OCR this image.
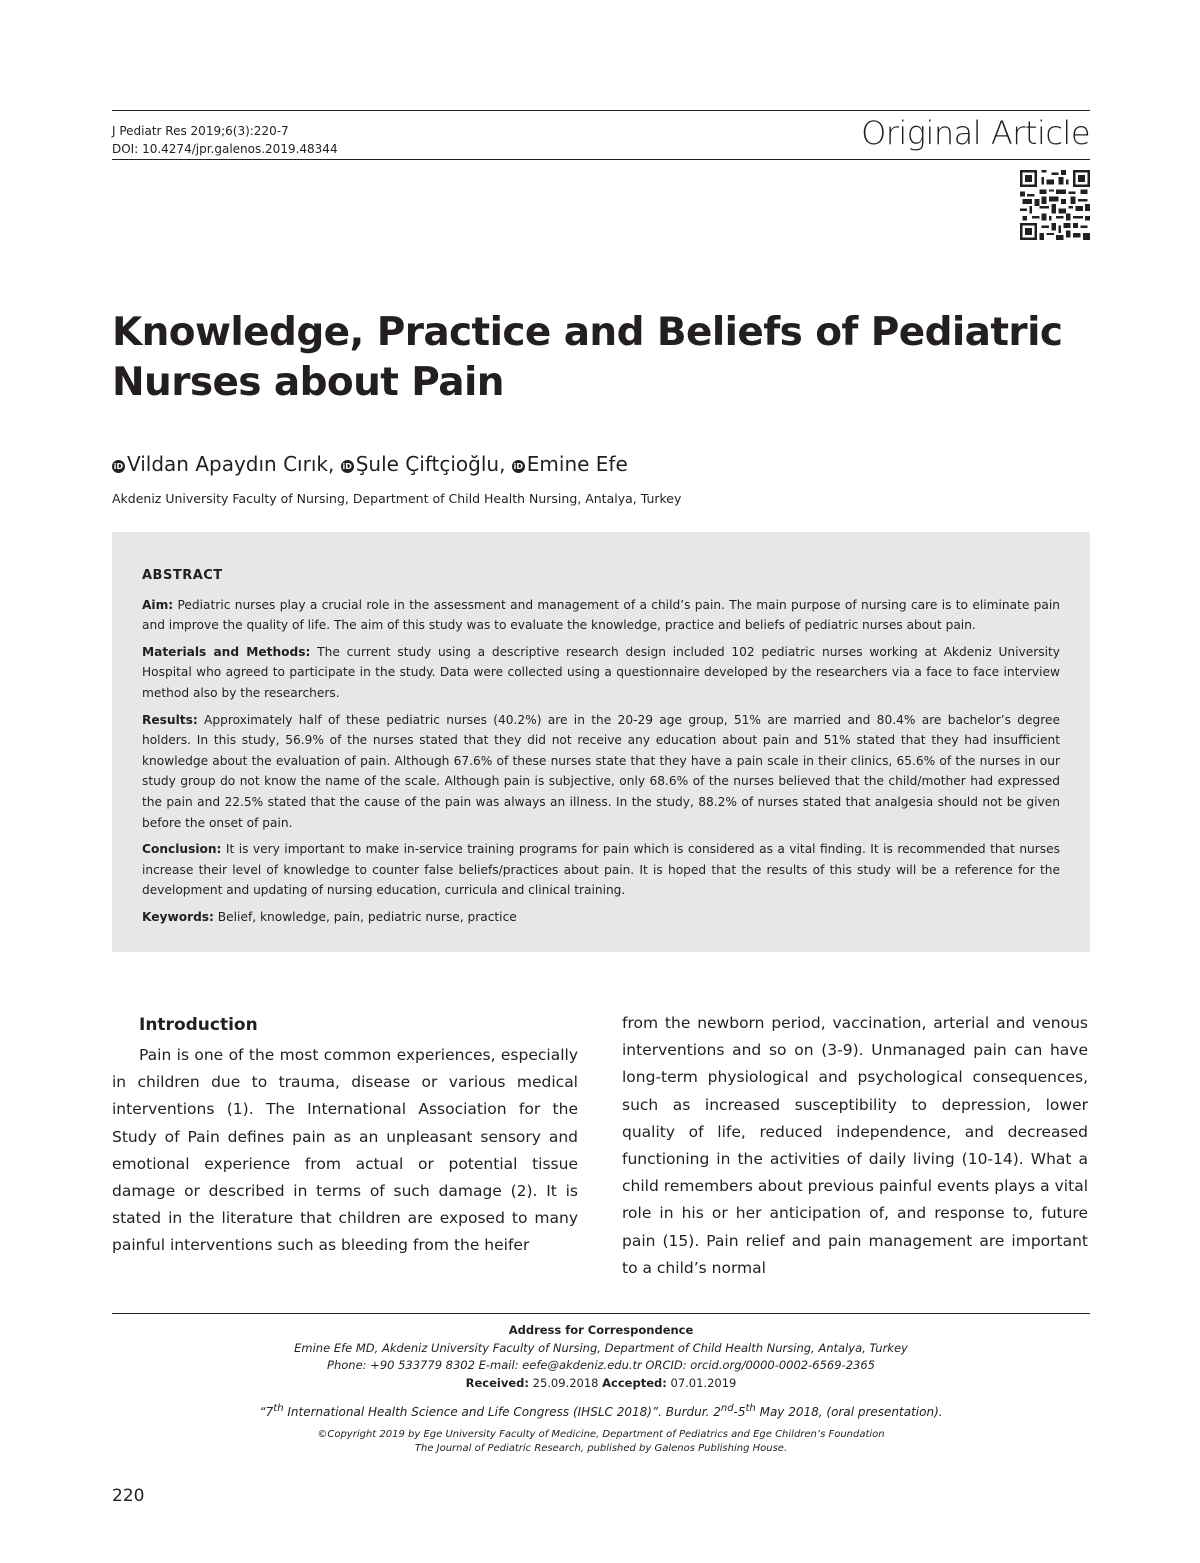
J Pediatr Res 2019;6(3):220-7
DOI: 10.4274/jpr.galenos.2019.48344	Original Article
Knowledge, Practice and Beliefs of Pediatric
Nurses about Pain
iD Vildan Apaydın Cırık, iD Şule Çiftçioğlu, iD Emine Efe
Akdeniz University Faculty of Nursing, Department of Child Health Nursing, Antalya, Turkey

ABSTRACT

Aim: Pediatric nurses play a crucial role in the assessment and management of a child’s pain. The main purpose of nursing care is to eliminate pain and improve the quality of life. The aim of this study was to evaluate the knowledge, practice and beliefs of pediatric nurses about pain.

Materials and Methods: The current study using a descriptive research design included 102 pediatric nurses working at Akdeniz University Hospital who agreed to participate in the study. Data were collected using a questionnaire developed by the researchers via a face to face interview method also by the researchers.

Results: Approximately half of these pediatric nurses (40.2%) are in the 20-29 age group, 51% are married and 80.4% are bachelor’s degree holders. In this study, 56.9% of the nurses stated that they did not receive any education about pain and 51% stated that they had insufficient knowledge about the evaluation of pain. Although 67.6% of these nurses state that they have a pain scale in their clinics, 65.6% of the nurses in our study group do not know the name of the scale. Although pain is subjective, only 68.6% of the nurses believed that the child/mother had expressed the pain and 22.5% stated that the cause of the pain was always an illness. In the study, 88.2% of nurses stated that analgesia should not be given before the onset of pain.

Conclusion: It is very important to make in-service training programs for pain which is considered as a vital finding. It is recommended that nurses increase their level of knowledge to counter false beliefs/practices about pain. It is hoped that the results of this study will be a reference for the development and updating of nursing education, curricula and clinical training.

Keywords: Belief, knowledge, pain, pediatric nurse, practice

Introduction

Pain is one of the most common experiences, especially in children due to trauma, disease or various medical interventions (1). The International Association for the Study of Pain defines pain as an unpleasant sensory and emotional experience from actual or potential tissue damage or described in terms of such damage (2). It is stated in the literature that children are exposed to many painful interventions such as bleeding from the heifer

from the newborn period, vaccination, arterial and venous interventions and so on (3-9). Unmanaged pain can have long-term physiological and psychological consequences, such as increased susceptibility to depression, lower quality of life, reduced independence, and decreased functioning in the activities of daily living (10-14). What a child remembers about previous painful events plays a vital role in his or her anticipation of, and response to, future pain (15). Pain relief and pain management are important to a child’s normal

Address for Correspondence

Emine Efe MD, Akdeniz University Faculty of Nursing, Department of Child Health Nursing, Antalya, Turkey

Phone: +90 533779 8302 E-mail: eefe@akdeniz.edu.tr ORCID: orcid.org/0000-0002-6569-2365

Received: 25.09.2018 Accepted: 07.01.2019

“7th International Health Science and Life Congress (IHSLC 2018)”. Burdur. 2nd-5th May 2018, (oral presentation).

©Copyright 2019 by Ege University Faculty of Medicine, Department of Pediatrics and Ege Children’s Foundation
The Journal of Pediatric Research, published by Galenos Publishing House.

220
